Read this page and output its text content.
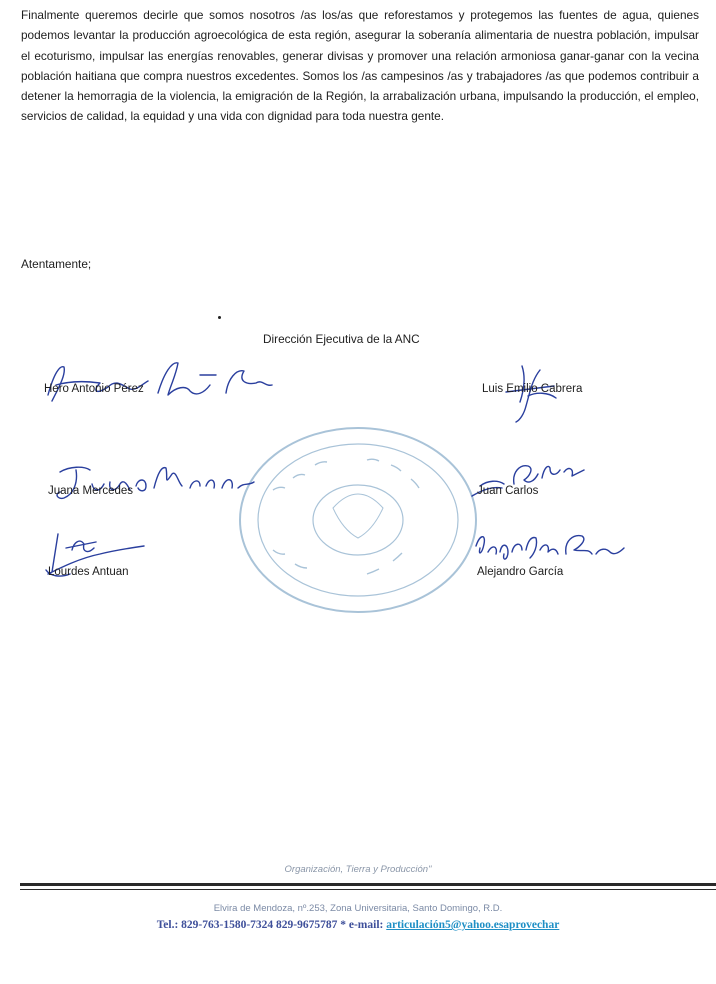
Finalmente queremos decirle que somos nosotros /as los/as que reforestamos y protegemos las fuentes de agua, quienes podemos levantar la producción agroecológica de esta región, asegurar la soberanía alimentaria de nuestra población, impulsar el ecoturismo, impulsar las energías renovables, generar divisas y promover una relación armoniosa ganar-ganar con la vecina población haitiana que compra nuestros excedentes. Somos los /as campesinos /as y trabajadores /as que podemos contribuir a detener la hemorragia de la violencia, la emigración de la Región, la arrabalización urbana, impulsando la producción, el empleo, servicios de calidad, la equidad y una vida con dignidad para toda nuestra gente.

Atentamente;

Dirección Ejecutiva de la ANC

Hero Antonio Pérez

Juana Mercedes

Lourdes Antuan

Luis Emilio Cabrera

Juan Carlos

Alejandro García

Organización, Tierra y Producción"

Elvira de Mendoza, nº.253, Zona Universitaria, Santo Domingo, R.D.

Tel.: 829-763-1580-7324 829-9675787 * e-mail: articulación5@yahoo.esaprovechar
